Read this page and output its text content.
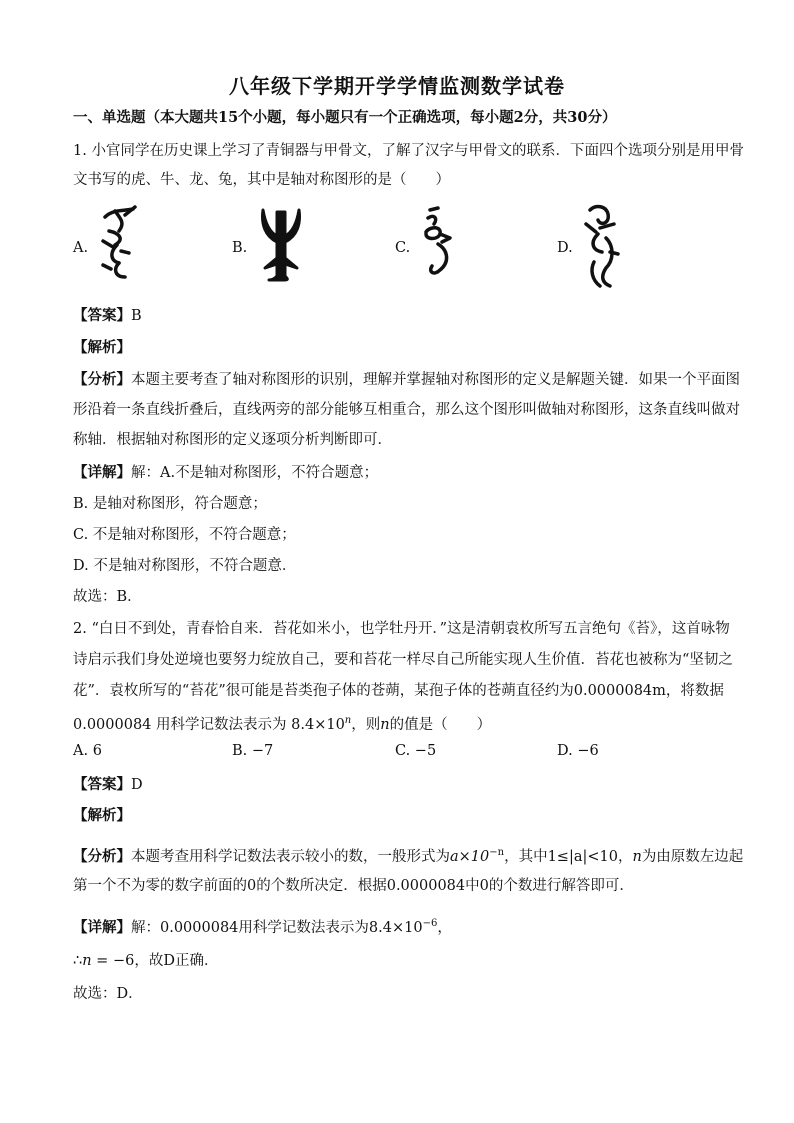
八年级下学期开学学情监测数学试卷
一、单选题（本大题共15个小题，每小题只有一个正确选项，每小题2分，共30分）
1. 小官同学在历史课上学习了青铜器与甲骨文，了解了汉字与甲骨文的联系．下面四个选项分别是用甲骨
文书写的虎、牛、龙、兔，其中是轴对称图形的是（　　）
A.	B.	C.	D.
【答案】B
【解析】
【分析】本题主要考查了轴对称图形的识别，理解并掌握轴对称图形的定义是解题关键．如果一个平面图
形沿着一条直线折叠后，直线两旁的部分能够互相重合，那么这个图形叫做轴对称图形，这条直线叫做对
称轴．根据轴对称图形的定义逐项分析判断即可．
【详解】解：A.不是轴对称图形，不符合题意；
B. 是轴对称图形，符合题意；
C. 不是轴对称图形，不符合题意；
D. 不是轴对称图形，不符合题意．
故选：B．
2. “白日不到处，青春恰自来．苔花如米小，也学牡丹开．”这是清朝袁枚所写五言绝句《苔》，这首咏物
诗启示我们身处逆境也要努力绽放自己，要和苔花一样尽自己所能实现人生价值．苔花也被称为“坚韧之
花”．袁枚所写的“苔花”很可能是苔类孢子体的苍蒴，某孢子体的苍蒴直径约为0.0000084m，将数据
0.0000084 用科学记数法表示为 $8.4\times 10^n$，则n的值是（　　）
A. 6	B. −7	C. −5	D. −6
【答案】D
【解析】
【分析】本题考查用科学记数法表示较小的数，一般形式为$a\times 10^{-n}$，其中1≤|a|<10，n为由原数左边起
第一个不为零的数字前面的0的个数所决定．根据0.0000084中0的个数进行解答即可．
【详解】解：0.0000084用科学记数法表示为$8.4\times 10^{-6}$，
∴n = −6，故D正确．
故选：D．
